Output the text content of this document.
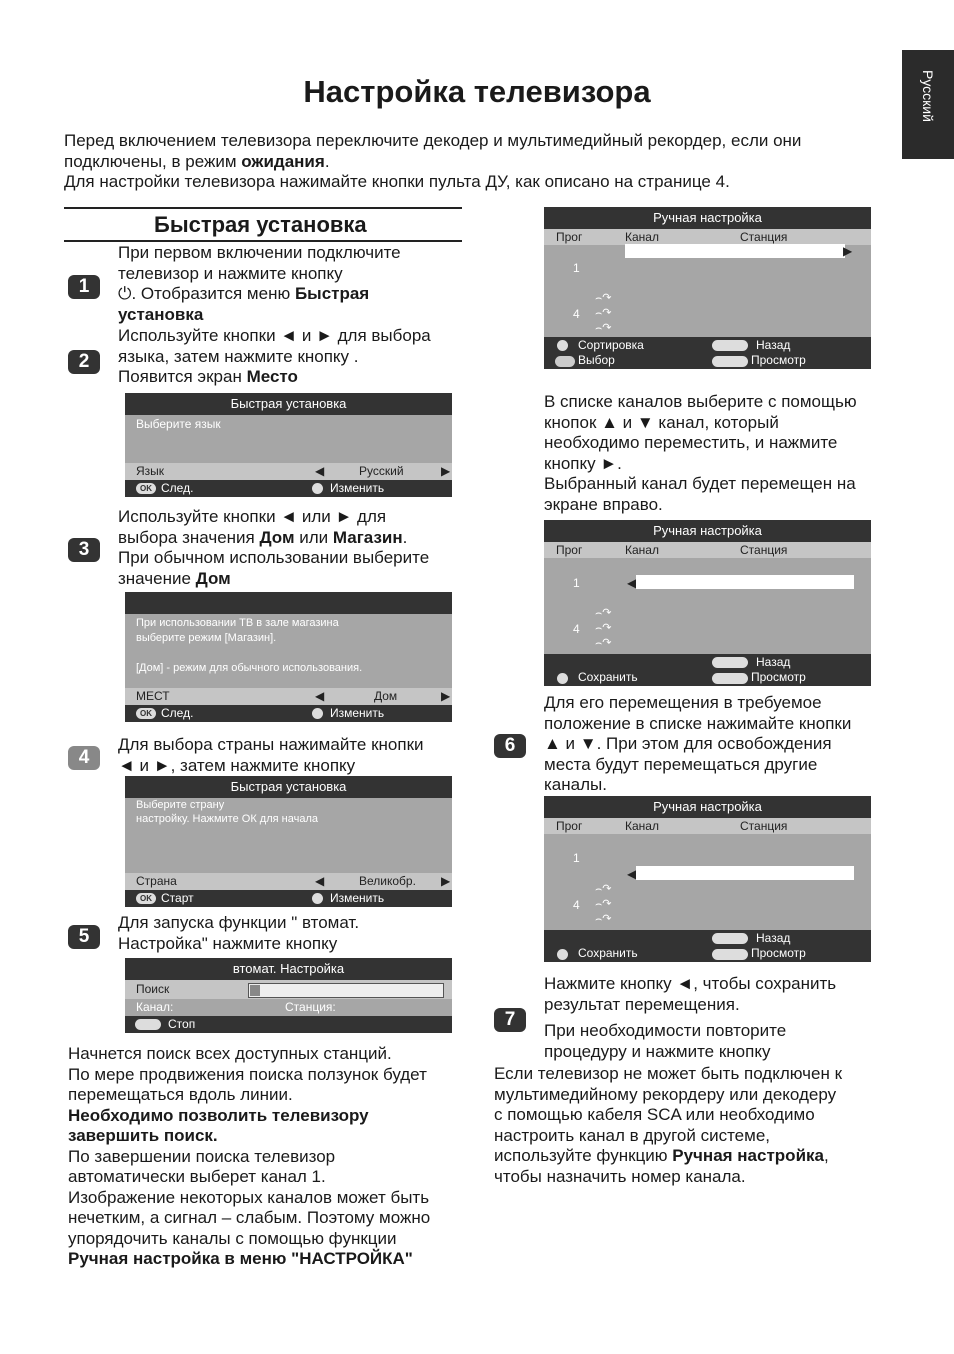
Русский
Настройка телевизора
Перед включением телевизора переключите декодер и мультимедийный рекордер, если они
подключены, в режим ожидания.
Для настройки телевизора нажимайте кнопки пульта ДУ, как описано на странице 4.
Быстрая установка
1
При первом включении подключите
телевизор и нажмите кнопку
⏻. Отобразится меню Быстрая
установка
2
Используйте кнопки ◄ и ► для выбора
языка, затем нажмите кнопку .
Появится экран Место
Быстрая установка
Выберите язык
Язык	◀	Русский	▶
OK След.	Изменить
3
Используйте кнопки ◄ или ► для
выбора значения Дом или Магазин.
При обычном использовании выберите
значение Дом
При использовании ТВ в зале магазина
выберите режим [Магазин].
[Дом] - режим для обычного использования.
МЕСТ	◀	Дом	▶
OK След.	Изменить
4
Для выбора страны нажимайте кнопки
◄ и ►, затем нажмите кнопку
Быстрая установка
Выберите страну
настройку. Нажмите ОК для начала
Страна	◀	Великобр. ▶
OK Старт	Изменить
5
Для запуска функции " втомат.
Настройка" нажмите кнопку
втомат. Настройка
Поиск
Канал:	Станция:
Стоп
Начнется поиск всех доступных станций.
По мере продвижения поиска ползунок будет
перемещаться вдоль линии.
Необходимо позволить телевизору
завершить поиск.
По завершении поиска телевизор
автоматически выберет канал 1.
Изображение некоторых каналов может быть
нечетким, а сигнал – слабым. Поэтому можно
упорядочить каналы с помощью функции
Ручная настройка в меню "НАСТРОЙКА"
Ручная настройка
Прог	Канал	Станция
▶
1
4
⌢↷
⌢↷
⌢↷
Сортировка
Выбор
Назад
Просмотр
В списке каналов выберите с помощью
кнопок ▲ и ▼ канал, который
необходимо переместить, и нажмите
кнопку ►.
Выбранный канал будет перемещен на
экране вправо.
Ручная настройка
Прог	Канал	Станция
1	◀
4
⌢↷
⌢↷
⌢↷
Сохранить
Назад
Просмотр
6
Для его перемещения в требуемое
положение в списке нажимайте кнопки
▲ и ▼. При этом для освобождения
места будут перемещаться другие
каналы.
Ручная настройка
Прог	Канал	Станция
1
◀
4
⌢↷
⌢↷
⌢↷
Сохранить
Назад
Просмотр
Нажмите кнопку ◄, чтобы сохранить
результат перемещения.
7
При необходимости повторите
процедуру и нажмите кнопку
Если телевизор не может быть подключен к
мультимедийному рекордеру или декодеру
с помощью кабеля SCA или необходимо
настроить канал в другой системе,
используйте функцию Ручная настройка,
чтобы назначить номер канала.
